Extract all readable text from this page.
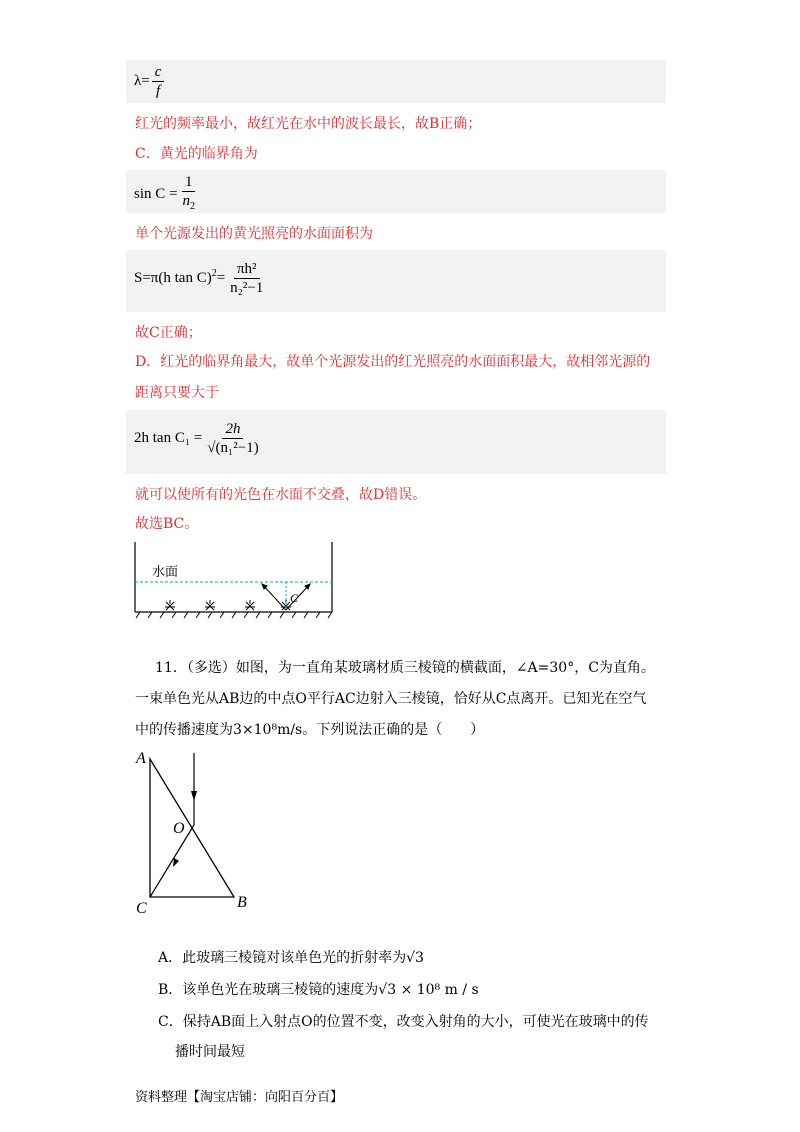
$\lambda= \frac{c}{f}$
红光的频率最小，故红光在水中的波长最长，故B正确；
C．黄光的临界角为
$\sin C = \frac{1}{n_2}$
单个光源发出的黄光照亮的水面面积为
S=π(h $\tan C)^2= \frac{\text{πh²}}{\text{n₂²−1}}$
故C正确；
D．红光的临界角最大，故单个光源发出的红光照亮的水面面积最大，故相邻光源的
距离只要大于
2h $\tan C_1 = \frac{2h}{\text{√(n₁²−1)}}$
就可以使所有的光色在水面不交叠，故D错误。
故选BC。
水面
C
11．（多选）如图，为一直角某玻璃材质三棱镜的横截面，∠A=30°，C为直角。
一束单色光从AB边的中点O平行AC边射入三棱镜，恰好从C点离开。已知光在空气
中的传播速度为3×10⁸m/s。下列说法正确的是（　　）
A
O
C	B
A．此玻璃三棱镜对该单色光的折射率为√3
B．该单色光在玻璃三棱镜的速度为√3 × 10⁸ m / s
C．保持AB面上入射点O的位置不变，改变入射角的大小，可使光在玻璃中的传
播时间最短
资料整理【淘宝店铺：向阳百分百】
